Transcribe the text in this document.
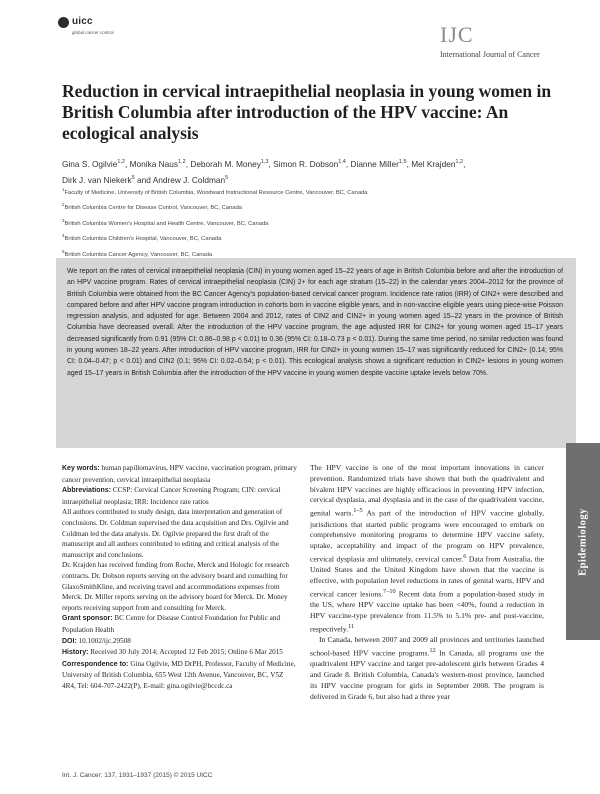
uicc
global cancer control	IJC
International Journal of Cancer
Reduction in cervical intraepithelial neoplasia in young women in British Columbia after introduction of the HPV vaccine: An ecological analysis
Gina S. Ogilvie$^{1,2}$, Monika Naus$^{1,2}$, Deborah M. Money$^{1,3}$, Simon R. Dobson$^{1,4}$, Dianne Miller$^{1,5}$, Mel Krajden$^{1,2}$,
Dirk J. van Niekerk$^5$ and Andrew J. Coldman$^5$
$^1$Faculty of Medicine, University of British Columbia, Woodward Instructional Resource Centre, Vancouver, BC, Canada
$^2$British Columbia Centre for Disease Control, Vancouver, BC, Canada
$^3$British Columbia Women's Hospital and Health Centre, Vancouver, BC, Canada
$^4$British Columbia Children's Hospital, Vancouver, BC, Canada
$^5$British Columbia Cancer Agency, Vancouver, BC, Canada
We report on the rates of cervical intraepithelial neoplasia (CIN) in young women aged 15–22 years of age in British Columbia before and after the introduction of an HPV vaccine program. Rates of cervical intraepithelial neoplasia (CIN) 2+ for each age stratum (15–22) in the calendar years 2004–2012 for the province of British Columbia were obtained from the BC Cancer Agency's population-based cervical cancer program. Incidence rate ratios (IRR) of CIN2+ were described and compared before and after HPV vaccine program introduction in cohorts born in vaccine eligible years, and in non-vaccine eligible years using piece-wise Poisson regression analysis, and adjusted for age. Between 2004 and 2012, rates of CIN2 and CIN2+ in young women aged 15–22 years in the province of British Columbia have decreased overall. After the introduction of the HPV vaccine program, the age adjusted IRR for CIN2+ for young women aged 15–17 years decreased significantly from 0.91 (95% CI: 0.86–0.98 p < 0.01) to 0.36 (95% CI: 0.18–0.73 p < 0.01). During the same time period, no similar reduction was found in young women 18–22 years. After introduction of HPV vaccine program, IRR for CIN2+ in young women 15–17 was significantly reduced for CIN2+ (0.14; 95% CI: 0.04–0.47; p < 0.01) and CIN2 (0.1; 95% CI: 0.02–0.54; p < 0.01). This ecological analysis shows a significant reduction in CIN2+ lesions in young women aged 15–17 years in British Columbia after the introduction of the HPV vaccine in young women despite vaccine uptake levels below 70%.

Key words: human papillomavirus, HPV vaccine, vaccination program, primary cancer prevention, cervical intraepithelial neoplasia

Abbreviations: CCSP: Cervical Cancer Screening Program; CIN: cervical intraepithelial neoplasia; IRR: Incidence rate ratios

All authors contributed to study design, data interpretation and generation of conclusions. Dr. Coldman supervised the data acquisition and Drs. Ogilvie and Coldman led the data analysis. Dr. Ogilvie prepared the first draft of the manuscript and all authors contributed to editing and critical analysis of the manuscript and conclusions.

Dr. Krajden has received funding from Roche, Merck and Hologic for research contracts. Dr. Dobson reports serving on the advisory board and consulting for GlaxoSmithKline, and receiving travel and accommodations expenses from Merck. Dr. Miller reports serving on the advisory board for Merck. Dr. Money reports receiving support from and consulting for Merck.

Grant sponsor: BC Centre for Disease Control Foundation for Public and Population Health

DOI: 10.1002/ijc.29508

History: Received 30 July 2014; Accepted 12 Feb 2015; Online 6 Mar 2015

Correspondence to: Gina Ogilvie, MD DrPH, Professor, Faculty of Medicine, University of British Columbia, 655 West 12th Avenue, Vancouver, BC, V5Z 4R4, Tel: 604-707-2422(P), E-mail: gina.ogilvie@bccdc.ca

The HPV vaccine is one of the most important innovations in cancer prevention. Randomized trials have shown that both the quadrivalent and bivalent HPV vaccines are highly efficacious in preventing HPV infection, cervical dysplasia, anal dysplasia and in the case of the quadrivalent vaccine, genital warts.$^{1-5}$ As part of the introduction of HPV vaccine globally, jurisdictions that started public programs were encouraged to embark on comprehensive monitoring programs to determine HPV vaccine safety, uptake, acceptability and impact of the program on HPV prevalence, cervical dysplasia and ultimately, cervical cancer.$^6$ Data from Australia, the United States and the United Kingdom have shown that the vaccine is effective, with population level reductions in rates of genital warts, HPV and cervical cancer lesions.$^{7-10}$ Recent data from a population-based study in the US, where HPV vaccine uptake has been <40%, found a reduction in HPV vaccine-type prevalence from 11.5% to 5.1% pre- and post-vaccine, respectively.$^{11}$

In Canada, between 2007 and 2009 all provinces and territories launched school-based HPV vaccine programs.$^{12}$ In Canada, all programs use the quadrivalent HPV vaccine and target pre-adolescent girls between Grades 4 and Grade 8. British Columbia, Canada's western-most province, launched its HPV vaccine program for girls in September 2008. The program is delivered in Grade 6, but also had a three year

Epidemiology
Int. J. Cancer: 137, 1931–1937 (2015) © 2015 UICC
